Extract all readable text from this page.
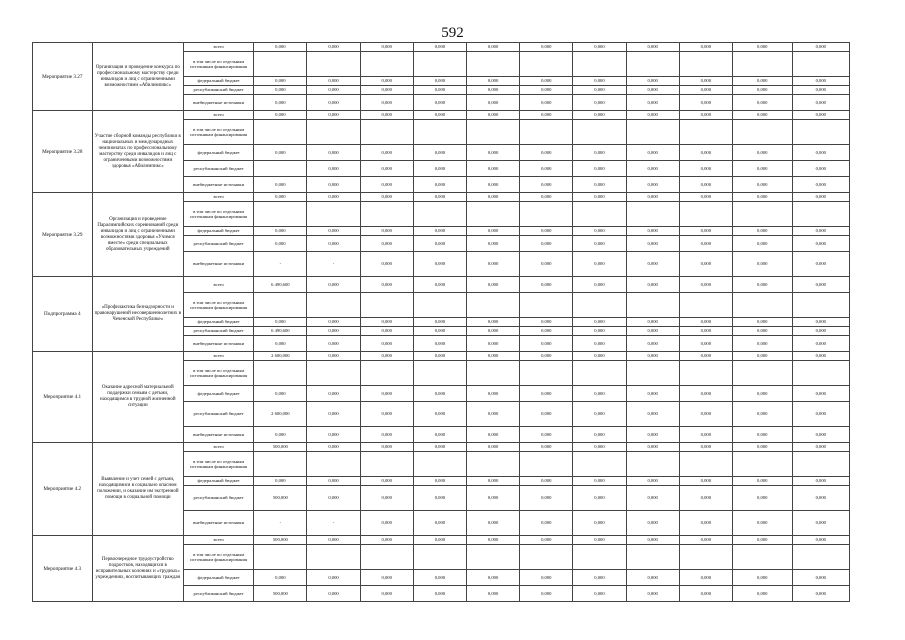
592
Мероприятие 3.27	Организация и проведение конкурса по профессиональному мастерству среди инвалидов и лиц с ограниченными возможностями «Абилимпикс»	всего	0,000	0,000	0,000	0,000	0,000	0,000	0,000	0,000	0,000	0,000	0,000
		в том числе по отдельным источникам финансирования											
		федеральный бюджет	0,000	0,000	0,000	0,000	0,000	0,000	0,000	0,000	0,000	0,000	0,000
		республиканский бюджет	0,000	0,000	0,000	0,000	0,000	0,000	0,000	0,000	0,000	0,000	0,000
		внебюджетные источники	0,000	0,000	0,000	0,000	0,000	0,000	0,000	0,000	0,000	0,000	0,000
Мероприятие 3.28	Участие сборной команды республики в национальных и международных чемпионатах по профессиональному мастерству среди инвалидов и лиц с ограниченными возможностями здоровья «Абилимпикс»	всего	0,000	0,000	0,000	0,000	0,000	0,000	0,000	0,000	0,000	0,000	0,000
		в том числе по отдельным источникам финансирования											
		федеральный бюджет	0,000	0,000	0,000	0,000	0,000	0,000	0,000	0,000	0,000	0,000	0,000
		республиканский бюджет		0,000	0,000	0,000	0,000	0,000	0,000	0,000	0,000	0,000	0,000
		внебюджетные источники	0,000	0,000	0,000	0,000	0,000	0,000	0,000	0,000	0,000	0,000	0,000
Мероприятие 3.29	Организация и проведение Паралимпийских соревнований среди инвалидов и лиц с ограниченными возможностями здоровья «Учимся вместе» среди специальных образовательных учреждений	всего	0,000	0,000	0,000	0,000	0,000	0,000	0,000	0,000	0,000	0,000	0,000
		в том числе по отдельным источникам финансирования											
		федеральный бюджет	0,000	0,000	0,000	0,000	0,000	0,000	0,000	0,000	0,000	0,000	0,000
		республиканский бюджет	0,000	0,000	0,000	0,000	0,000	0,000	0,000	0,000	0,000	0,000	0,000
		внебюджетные источники	-	-	0,000	0,000	0,000	0,000	0,000	0,000	0,000	0,000	0,000
Подпрограмма 4	«Профилактика безнадзорности и правонарушений несовершеннолетних в Чеченской Республике»	всего	6 490,600	0,000	0,000	0,000	0,000	0,000	0,000	0,000	0,000	0,000	0,000
		в том числе по отдельным источникам финансирования											
		федеральный бюджет	0,000	0,000	0,000	0,000	0,000	0,000	0,000	0,000	0,000	0,000	0,000
		республиканский бюджет	6 490,600	0,000	0,000	0,000	0,000	0,000	0,000	0,000	0,000	0,000	0,000
		внебюджетные источники	0,000	0,000	0,000	0,000	0,000	0,000	0,000	0,000	0,000	0,000	0,000
Мероприятие 4.1	Оказание адресной материальной поддержки семьям с детьми, находящимся в трудной жизненной ситуации	всего	2 600,000	0,000	0,000	0,000	0,000	0,000	0,000	0,000	0,000	0,000	0,000
		в том числе по отдельным источникам финансирования											
		федеральный бюджет	0,000	0,000	0,000	0,000	0,000	0,000	0,000	0,000	0,000	0,000	0,000
		республиканский бюджет	2 600,000	0,000	0,000	0,000	0,000	0,000	0,000	0,000	0,000	0,000	0,000
		внебюджетные источники	0,000	0,000	0,000	0,000	0,000	0,000	0,000	0,000	0,000	0,000	0,000
Мероприятие 4.2	Выявление и учет семей с детьми, находящимися в социально опасном положении, и оказание им экстренной помощи в социальной помощи	всего	500,000	0,000	0,000	0,000	0,000	0,000	0,000	0,000	0,000	0,000	0,000
		в том числе по отдельным источникам финансирования											
		федеральный бюджет	0,000	0,000	0,000	0,000	0,000	0,000	0,000	0,000	0,000	0,000	0,000
		республиканский бюджет	500,000	0,000	0,000	0,000	0,000	0,000	0,000	0,000	0,000	0,000	0,000
		внебюджетные источники	-	-	0,000	0,000	0,000	0,000	0,000	0,000	0,000	0,000	0,000
Мероприятие 4.3	Первоочередное трудоустройство подростков, находящихся в исправительных колониях и «трудных» учреждениях, воспитывающих граждан	всего	500,000	0,000	0,000	0,000	0,000	0,000	0,000	0,000	0,000	0,000	0,000
		в том числе по отдельным источникам финансирования											
		федеральный бюджет	0,000	0,000	0,000	0,000	0,000	0,000	0,000	0,000	0,000	0,000	0,000
		республиканский бюджет	500,000	0,000	0,000	0,000	0,000	0,000	0,000	0,000	0,000	0,000	0,000
